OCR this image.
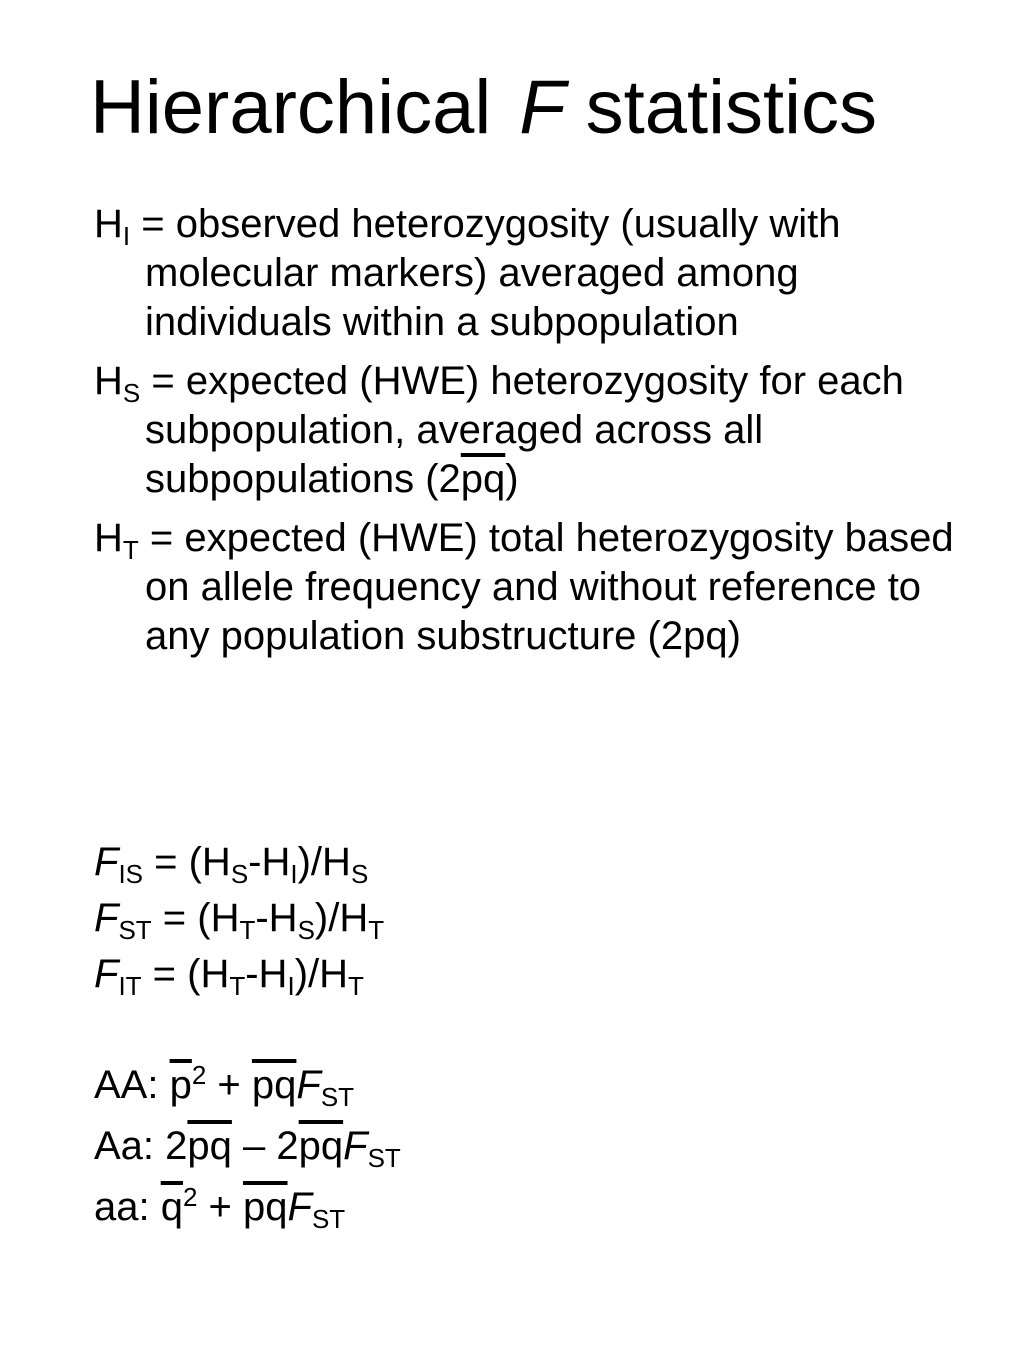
Hierarchical F statistics
$H_I$ = observed heterozygosity (usually with molecular markers) averaged among individuals within a subpopulation
$H_S$ = expected (HWE) heterozygosity for each subpopulation, averaged across all subpopulations $(2\overline{pq})$
$H_T$ = expected (HWE) total heterozygosity based on allele frequency and without reference to any population substructure (2pq)
$F_{IS} = (H_S-H_I)/H_S$
$F_{ST} = (H_T-H_S)/H_T$
$F_{IT} = (H_T-H_I)/H_T$
AA: $\overline{p}^2 + \overline{pq}F_{ST}$
Aa: $2\overline{pq} - 2\overline{pq}F_{ST}$
aa: $\overline{q}^2 + \overline{pq}F_{ST}$
